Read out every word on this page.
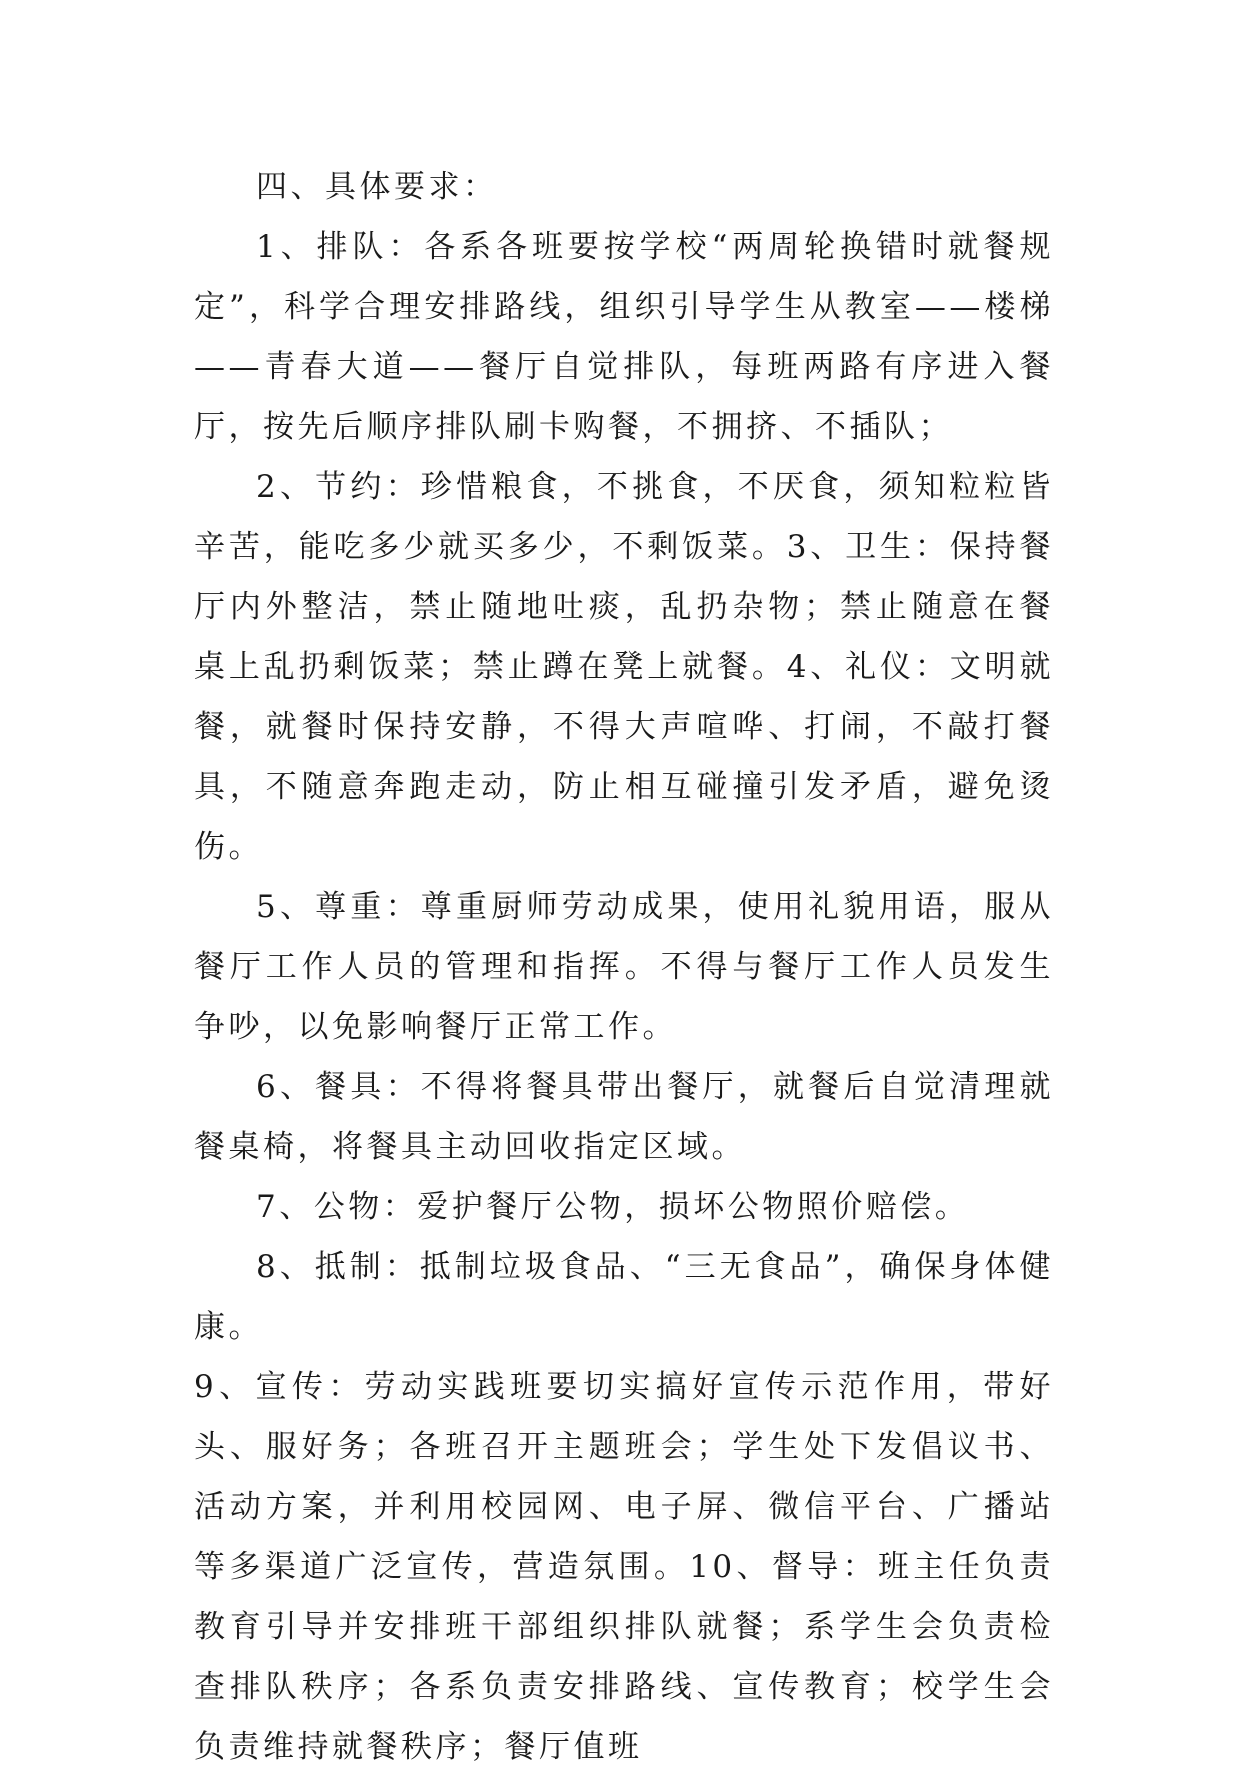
四、具体要求：

1、排队：各系各班要按学校“两周轮换错时就餐规定”，科学合理安排路线，组织引导学生从教室——楼梯——青春大道——餐厅自觉排队，每班两路有序进入餐厅，按先后顺序排队刷卡购餐，不拥挤、不插队；

2、节约：珍惜粮食，不挑食，不厌食，须知粒粒皆辛苦，能吃多少就买多少，不剩饭菜。3、卫生：保持餐厅内外整洁，禁止随地吐痰，乱扔杂物；禁止随意在餐桌上乱扔剩饭菜；禁止蹲在凳上就餐。4、礼仪：文明就餐，就餐时保持安静，不得大声喧哗、打闹，不敲打餐具，不随意奔跑走动，防止相互碰撞引发矛盾，避免烫伤。

5、尊重：尊重厨师劳动成果，使用礼貌用语，服从餐厅工作人员的管理和指挥。不得与餐厅工作人员发生争吵，以免影响餐厅正常工作。

6、餐具：不得将餐具带出餐厅，就餐后自觉清理就餐桌椅，将餐具主动回收指定区域。

7、公物：爱护餐厅公物，损坏公物照价赔偿。

8、抵制：抵制垃圾食品、“三无食品”，确保身体健康。

9、宣传：劳动实践班要切实搞好宣传示范作用，带好头、服好务；各班召开主题班会；学生处下发倡议书、活动方案，并利用校园网、电子屏、微信平台、广播站等多渠道广泛宣传，营造氛围。10、督导：班主任负责教育引导并安排班干部组织排队就餐；系学生会负责检查排队秩序；各系负责安排路线、宣传教育；校学生会负责维持就餐秩序；餐厅值班
